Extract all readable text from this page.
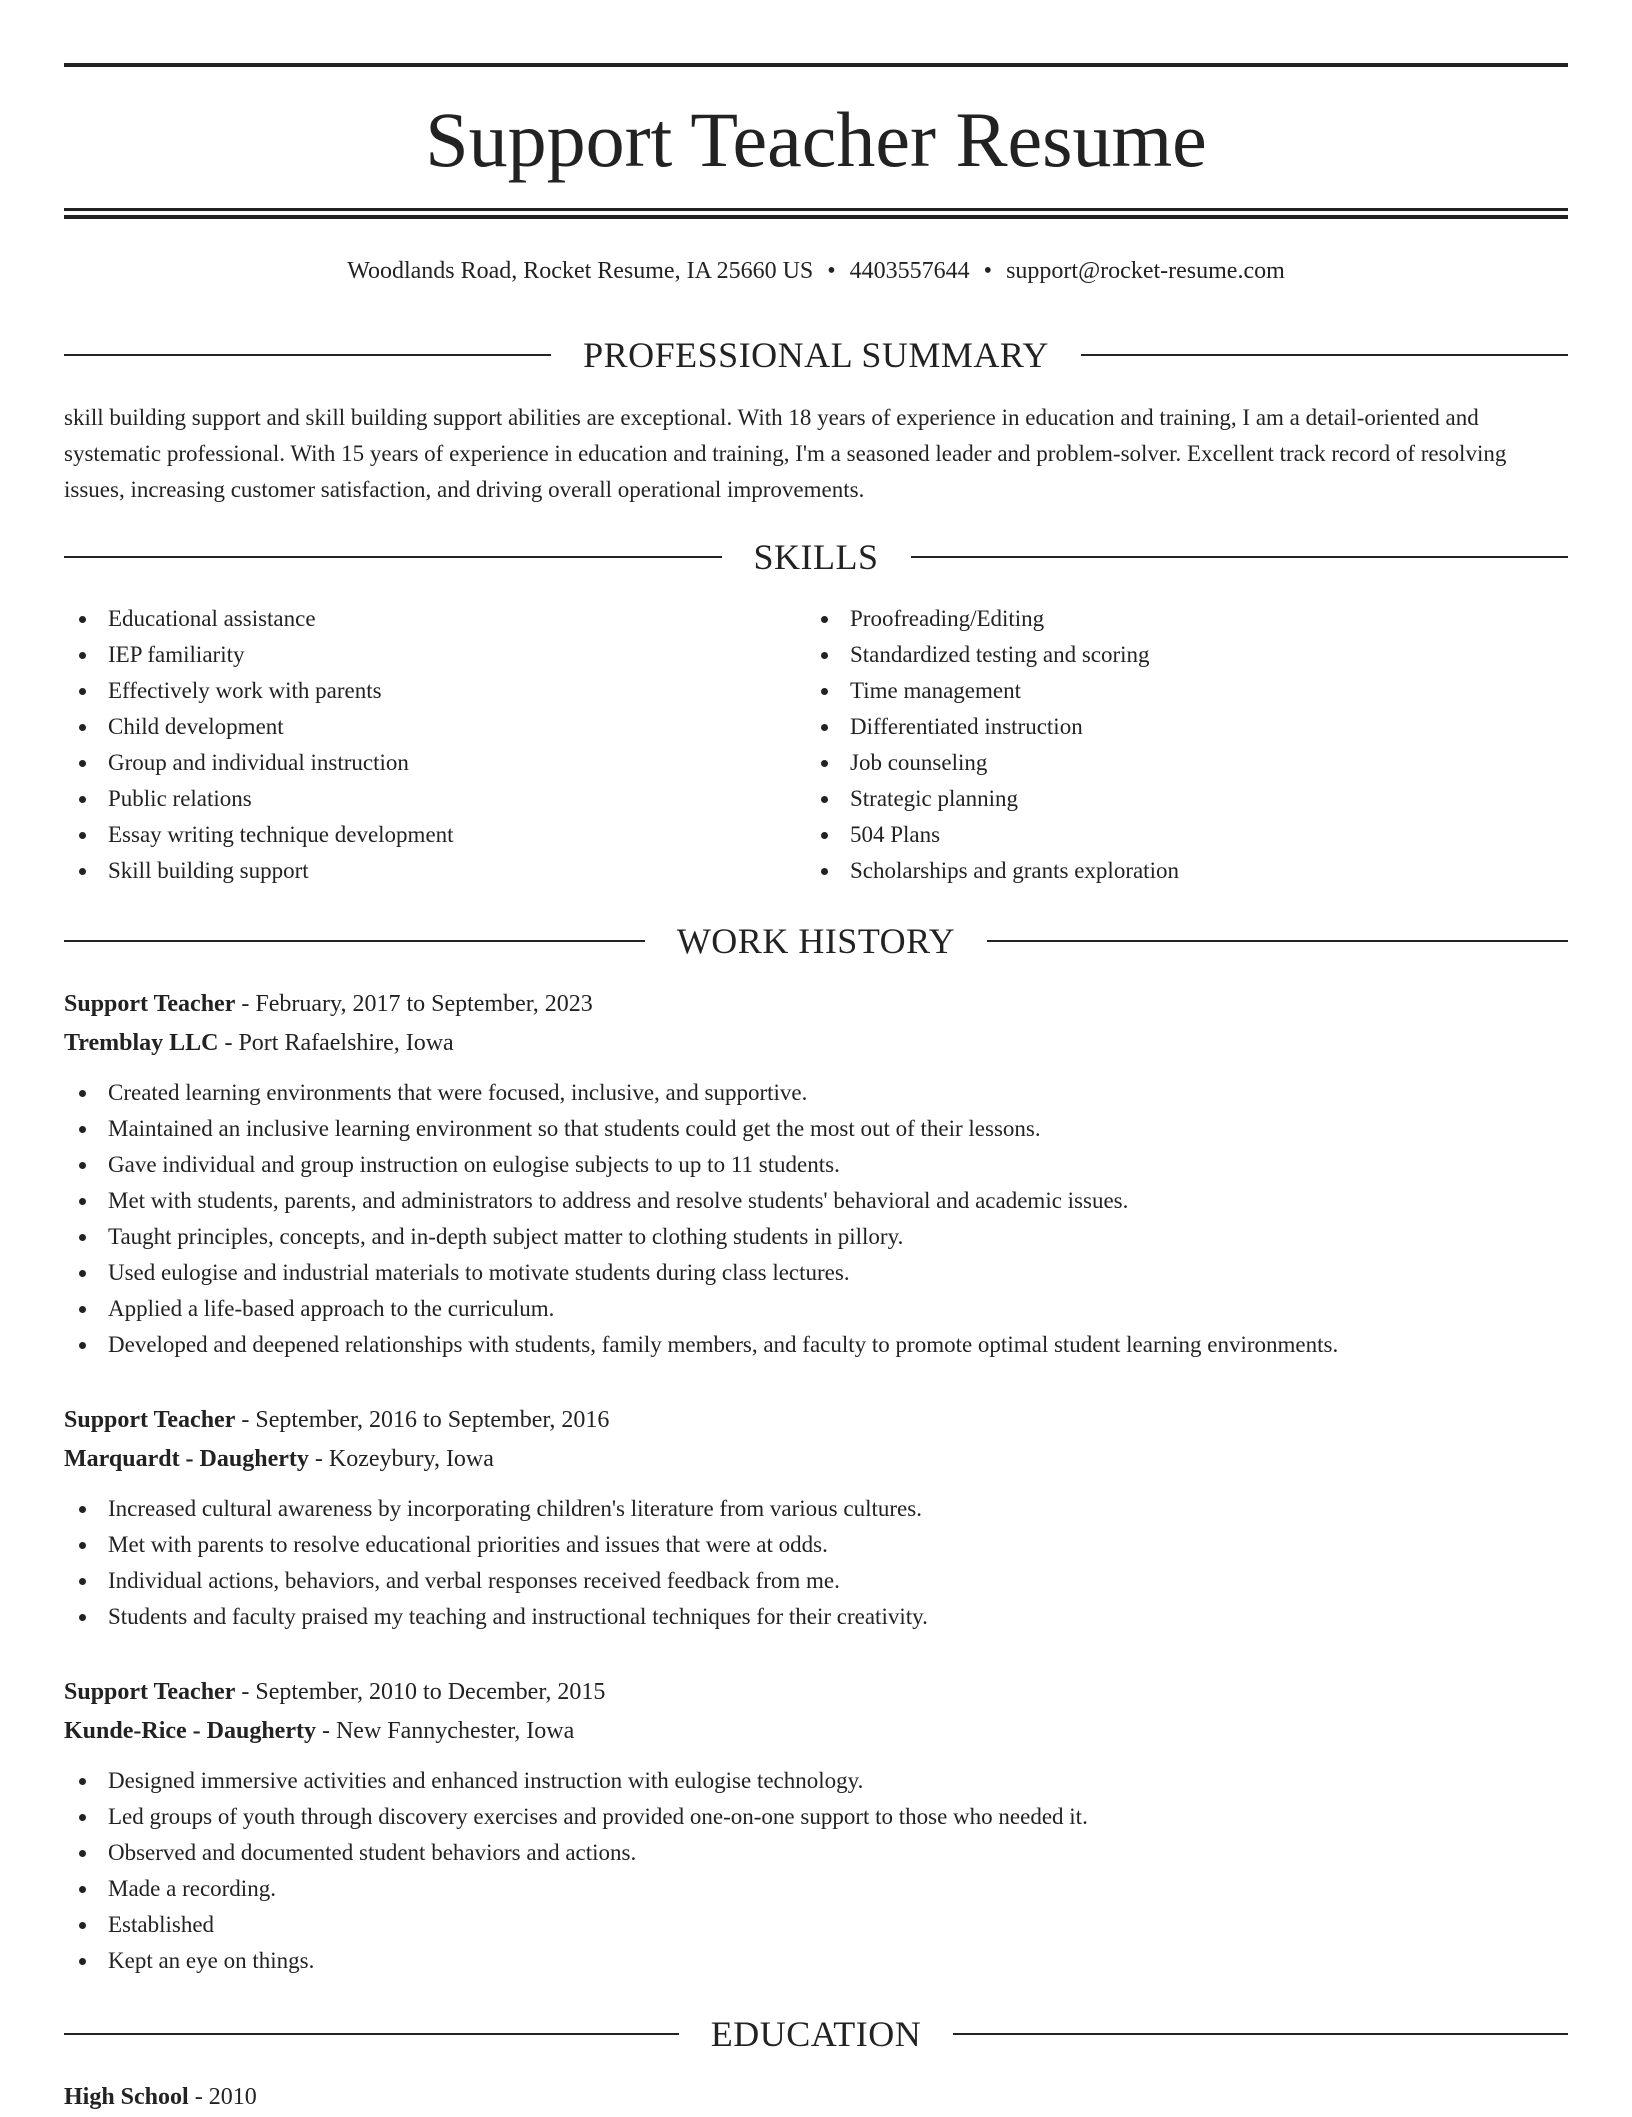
Support Teacher Resume
Woodlands Road, Rocket Resume, IA 25660 US • 4403557644 • support@rocket-resume.com
PROFESSIONAL SUMMARY

skill building support and skill building support abilities are exceptional. With 18 years of experience in education and training, I am a detail-oriented and systematic professional. With 15 years of experience in education and training, I'm a seasoned leader and problem-solver. Excellent track record of resolving issues, increasing customer satisfaction, and driving overall operational improvements.

SKILLS
Educational assistance
IEP familiarity
Effectively work with parents
Child development
Group and individual instruction
Public relations
Essay writing technique development
Skill building support
Proofreading/Editing
Standardized testing and scoring
Time management
Differentiated instruction
Job counseling
Strategic planning
504 Plans
Scholarships and grants exploration
WORK HISTORY
Support Teacher - February, 2017 to September, 2023
Tremblay LLC - Port Rafaelshire, Iowa
Created learning environments that were focused, inclusive, and supportive.
Maintained an inclusive learning environment so that students could get the most out of their lessons.
Gave individual and group instruction on eulogise subjects to up to 11 students.
Met with students, parents, and administrators to address and resolve students' behavioral and academic issues.
Taught principles, concepts, and in-depth subject matter to clothing students in pillory.
Used eulogise and industrial materials to motivate students during class lectures.
Applied a life-based approach to the curriculum.
Developed and deepened relationships with students, family members, and faculty to promote optimal student learning environments.
Support Teacher - September, 2016 to September, 2016
Marquardt - Daugherty - Kozeybury, Iowa
Increased cultural awareness by incorporating children's literature from various cultures.
Met with parents to resolve educational priorities and issues that were at odds.
Individual actions, behaviors, and verbal responses received feedback from me.
Students and faculty praised my teaching and instructional techniques for their creativity.
Support Teacher - September, 2010 to December, 2015
Kunde-Rice - Daugherty - New Fannychester, Iowa
Designed immersive activities and enhanced instruction with eulogise technology.
Led groups of youth through discovery exercises and provided one-on-one support to those who needed it.
Observed and documented student behaviors and actions.
Made a recording.
Established
Kept an eye on things.
EDUCATION
High School - 2010
